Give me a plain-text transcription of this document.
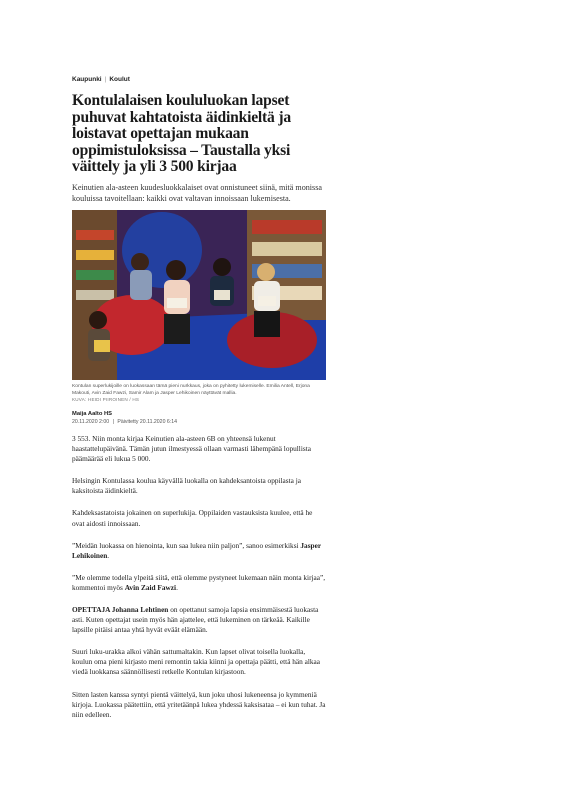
Kaupunki | Koulut
Kontulalaisen koululuokan lapset puhuvat kahtatoista äidinkieltä ja loistavat opettajan mukaan oppimistuloksissa – Taustalla yksi väittely ja yli 3 500 kirjaa

Keinutien ala-asteen kuudesluokkalaiset ovat onnistuneet siinä, mitä monissa kouluissa tavoitellaan: kaikki ovat valtavan innoissaan lukemisesta.

Kontulan superlukijoille on luokassaan tämä pieni nurkkaus, joka on pyhitetty lukemiselle. Emilia Antell, Erjona Makouti, Avin Zaid Fawzi, Samir Alam ja Jasper Lehikoinen näyttävät mallia.
KUVA: HEIDI PIIROINEN / HS
Maija Aalto HS
20.11.2020 2:00 | Päivitetty 20.11.2020 6:14

3 553. Niin monta kirjaa Keinutien ala-asteen 6B on yhteensä lukenut haastattelupäivänä. Tämän jutun ilmestyessä ollaan varmasti lähempänä lopullista päämäärää eli lukua 5 000.

Helsingin Kontulassa koulua käyvällä luokalla on kahdeksantoista oppilasta ja kaksitoista äidinkieltä.

Kahdeksastatoista jokainen on superlukija. Oppilaiden vastauksista kuulee, että he ovat aidosti innoissaan.

”Meidän luokassa on hienointa, kun saa lukea niin paljon”, sanoo esimerkiksi Jasper Lehikoinen.

”Me olemme todella ylpeitä siitä, että olemme pystyneet lukemaan näin monta kirjaa”, kommentoi myös Avin Zaid Fawzi.

OPETTAJA Johanna Lehtinen on opettanut samoja lapsia ensimmäisestä luokasta asti. Kuten opettajat usein myös hän ajattelee, että lukeminen on tärkeää. Kaikille lapsille pitäisi antaa yhtä hyvät eväät elämään.

Suuri luku-urakka alkoi vähän sattumaltakin. Kun lapset olivat toisella luokalla, koulun oma pieni kirjasto meni remontin takia kiinni ja opettaja päätti, että hän alkaa viedä luokkansa säännöllisesti retkelle Kontulan kirjastoon.

Sitten lasten kanssa syntyi pientä väittelyä, kun joku uhosi lukeneensa jo kymmeniä kirjoja. Luokassa päätettiin, että yritetäänpä lukea yhdessä kaksisataa – ei kun tuhat. Ja niin edelleen.
